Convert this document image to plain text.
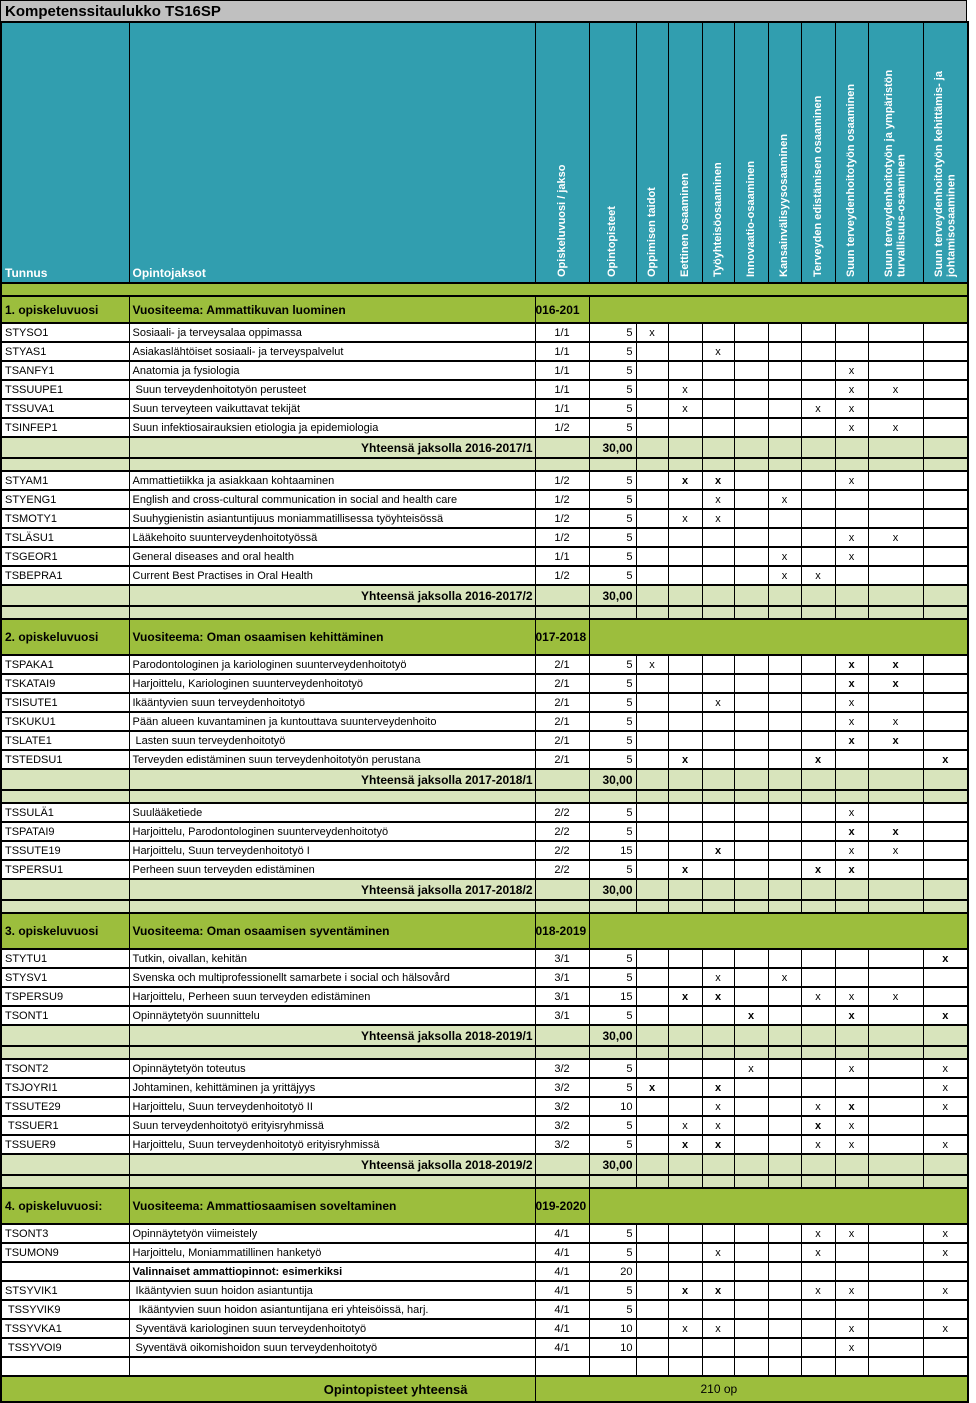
Kompetenssitaulukko TS16SP
Tunnus	Opintojaksot	Opiskeluvuosi / jakso	Opintopisteet	Oppimisen taidot	Eettinen osaaminen	Työyhteisöosaaminen	Innovaatio-osaaminen	Kansainvälisyysosaaminen	Terveyden edistämisen osaaminen	Suun terveydenhoitotyön osaaminen	Suun terveydenhoitotyön ja ympäristön turvallisuus-osaaminen	Suun terveydenhoitotyön kehittämis- ja johtamisosaaminen

1. opiskeluvuosi	Vuositeema: Ammattikuvan luominen	016-201										
STYSO1	Sosiaali- ja terveysalaa oppimassa	1/1	5	x								
STYAS1	Asiakaslähtöiset sosiaali- ja terveyspalvelut	1/1	5			x						
TSANFY1	Anatomia ja fysiologia	1/1	5							x		
TSSUUPE1	Suun terveydenhoitotyön perusteet	1/1	5		x					x	x	
TSSUVA1	Suun terveyteen vaikuttavat tekijät	1/1	5		x				x	x		
TSINFEP1	Suun infektiosairauksien etiologia ja epidemiologia	1/2	5							x	x	
	Yhteensä jaksolla 2016-2017/1		30,00									

STYAM1	Ammattietiikka ja asiakkaan kohtaaminen	1/2	5		x	x				x		
STYENG1	English and cross-cultural communication in social and health care	1/2	5			x		x				
TSMOTY1	Suuhygienistin asiantuntijuus moniammatillisessa työyhteisössä	1/2	5		x	x						
TSLÄSU1	Lääkehoito suunterveydenhoitotyössä	1/2	5							x	x	
TSGEOR1	General diseases and oral health	1/1	5					x		x		
TSBEPRA1	Current Best Practises in Oral Health	1/2	5					x	x			
	Yhteensä jaksolla 2016-2017/2		30,00									

2. opiskeluvuosi	Vuositeema: Oman osaamisen kehittäminen	017-2018										
TSPAKA1	Parodontologinen ja kariologinen suunterveydenhoitotyö	2/1	5	x						x	x	
TSKATAI9	Harjoittelu, Kariologinen suunterveydenhoitotyö	2/1	5							x	x	
TSISUTE1	Ikääntyvien suun terveydenhoitotyö	2/1	5			x				x		
TSKUKU1	Pään alueen kuvantaminen ja kuntouttava suunterveydenhoito	2/1	5							x	x	
TSLATE1	Lasten suun terveydenhoitotyö	2/1	5							x	x	
TSTEDSU1	Terveyden edistäminen suun terveydenhoitotyön perustana	2/1	5		x				x			x
	Yhteensä jaksolla 2017-2018/1		30,00									

TSSULÄ1	Suulääketiede	2/2	5							x		
TSPATAI9	Harjoittelu, Parodontologinen suunterveydenhoitotyö	2/2	5							x	x	
TSSUTE19	Harjoittelu, Suun terveydenhoitotyö I	2/2	15			x				x	x	
TSPERSU1	Perheen suun terveyden edistäminen	2/2	5		x				x	x		
	Yhteensä jaksolla 2017-2018/2		30,00									

3. opiskeluvuosi	Vuositeema: Oman osaamisen syventäminen	018-2019										
STYTU1	Tutkin, oivallan, kehitän	3/1	5									x
STYSV1	Svenska och multiprofessionellt samarbete i social och hälsovård	3/1	5			x		x				
TSPERSU9	Harjoittelu, Perheen suun terveyden edistäminen	3/1	15		x	x			x	x	x	
TSONT1	Opinnäytetyön suunnittelu	3/1	5				x			x		x
	Yhteensä jaksolla 2018-2019/1		30,00									

TSONT2	Opinnäytetyön toteutus	3/2	5				x			x		x
TSJOYRI1	Johtaminen, kehittäminen ja yrittäjyys	3/2	5	x		x						x
TSSUTE29	Harjoittelu, Suun terveydenhoitotyö II	3/2	10			x			x	x		x
TSSUER1	Suun terveydenhoitotyö erityisryhmissä	3/2	5		x	x			x	x		
TSSUER9	Harjoittelu, Suun terveydenhoitotyö erityisryhmissä	3/2	5		x	x			x	x		x
	Yhteensä jaksolla 2018-2019/2		30,00									

4. opiskeluvuosi:	Vuositeema: Ammattiosaamisen soveltaminen	019-2020										
TSONT3	Opinnäytetyön viimeistely	4/1	5						x	x		x
TSUMON9	Harjoittelu, Moniammatillinen hanketyö	4/1	5			x			x			x
	Valinnaiset ammattiopinnot: esimerkiksi	4/1	20									
STSYVIK1	Ikääntyvien suun hoidon asiantuntija	4/1	5		x	x			x	x		x
TSSYVIK9	Ikääntyvien suun hoidon asiantuntijana eri yhteisöissä, harj.	4/1	5									
TSSYVKA1	Syventävä kariologinen suun terveydenhoitotyö	4/1	10		x	x				x		x
TSSYVOI9	Syventävä oikomishoidon suun terveydenhoitotyö	4/1	10							x		

Opintopisteet yhteensä		210 op										
